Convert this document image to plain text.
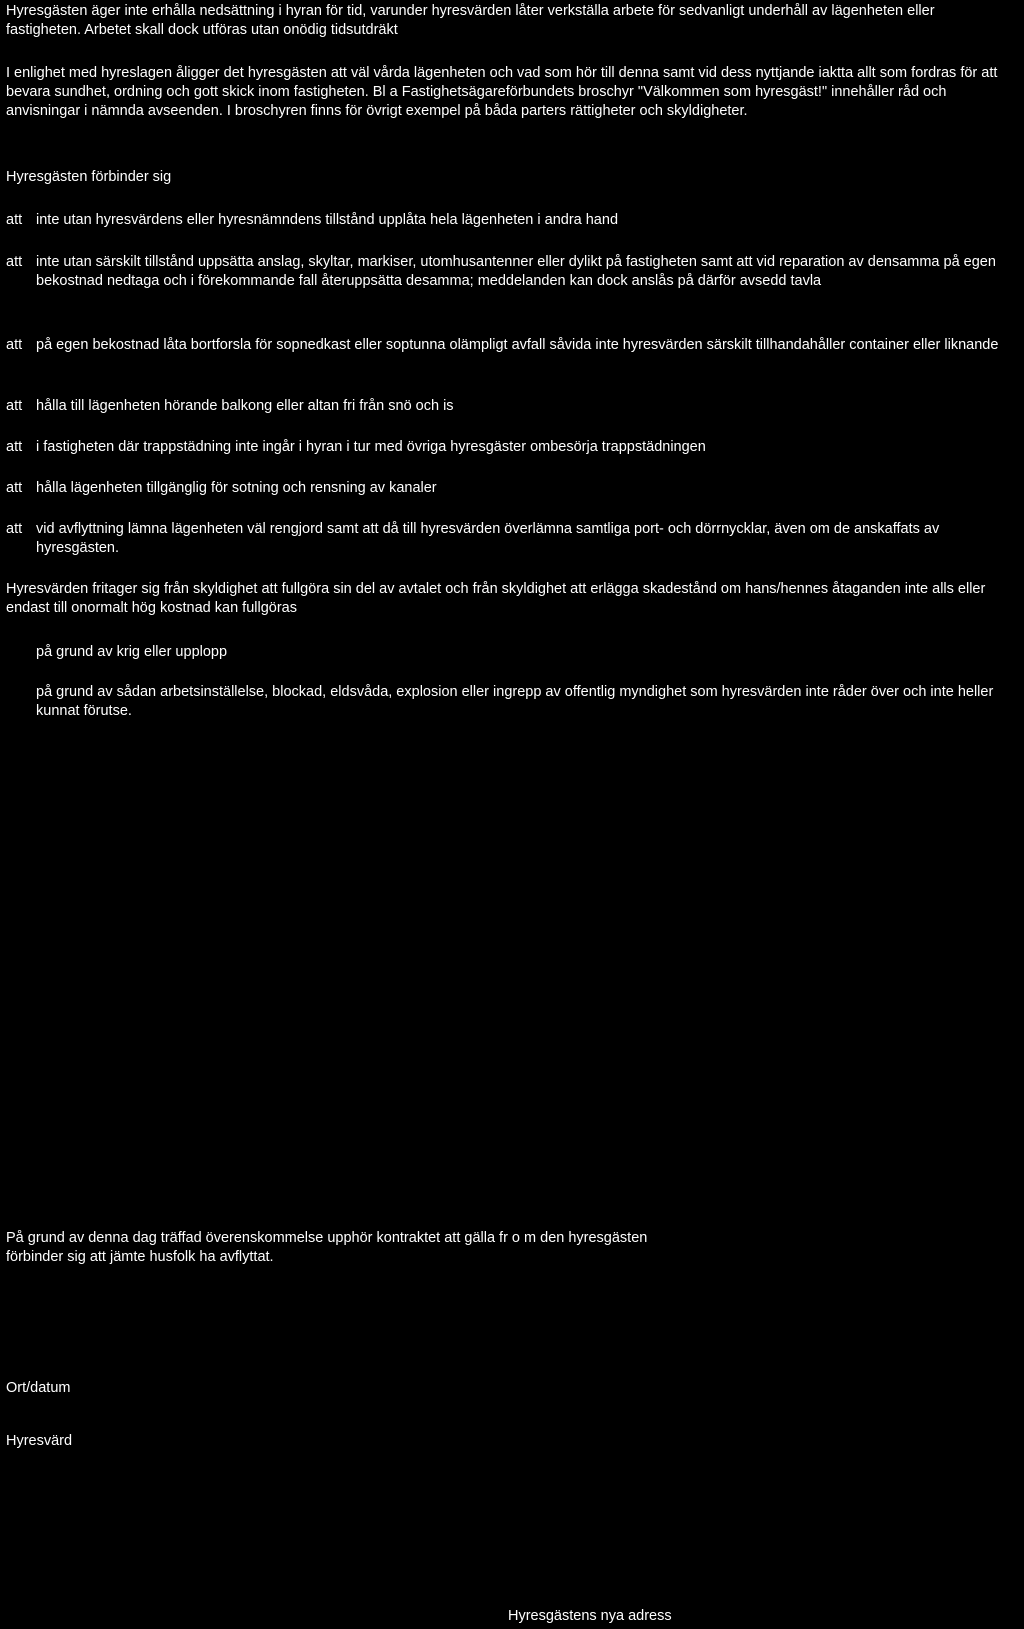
Hyresgästen äger inte erhålla nedsättning i hyran för tid, varunder hyresvärden låter verkställa arbete för sedvanligt underhåll av lägenheten eller fastigheten. Arbetet skall dock utföras utan onödig tidsutdräkt

I enlighet med hyreslagen åligger det hyresgästen att väl vårda lägenheten och vad som hör till denna samt vid dess nyttjande iaktta allt som fordras för att bevara sundhet, ordning och gott skick inom fastigheten. Bl a Fastighetsägareförbundets broschyr "Välkommen som hyresgäst!" innehåller råd och anvisningar i nämnda avseenden. I broschyren finns för övrigt exempel på båda parters rättigheter och skyldigheter.

Hyresgästen förbinder sig

att inte utan hyresvärdens eller hyresnämndens tillstånd upplåta hela lägenheten i andra hand

att inte utan särskilt tillstånd uppsätta anslag, skyltar, markiser, utomhusantenner eller dylikt på fastigheten samt att vid reparation av densamma på egen bekostnad nedtaga och i förekommande fall återuppsätta desamma; meddelanden kan dock anslås på därför avsedd tavla

att på egen bekostnad låta bortforsla för sopnedkast eller soptunna olämpligt avfall såvida inte hyresvärden särskilt tillhandahåller container eller liknande

att hålla till lägenheten hörande balkong eller altan fri från snö och is

att i fastigheten där trappstädning inte ingår i hyran i tur med övriga hyresgäster ombesörja trappstädningen

att hålla lägenheten tillgänglig för sotning och rensning av kanaler

att vid avflyttning lämna lägenheten väl rengjord samt att då till hyresvärden överlämna samtliga port- och dörrnycklar, även om de anskaffats av hyresgästen.

Hyresvärden fritager sig från skyldighet att fullgöra sin del av avtalet och från skyldighet att erlägga skadestånd om hans/hennes åtaganden inte alls eller endast till onormalt hög kostnad kan fullgöras

på grund av krig eller upplopp

på grund av sådan arbetsinställelse, blockad, eldsvåda, explosion eller ingrepp av offentlig myndighet som hyresvärden inte råder över och inte heller kunnat förutse.

På grund av denna dag träffad överenskommelse upphör kontraktet att gälla fr o m den hyresgästen förbinder sig att jämte husfolk ha avflyttat.

Ort/datum

Hyresvärd

Hyresgästens nya adress
